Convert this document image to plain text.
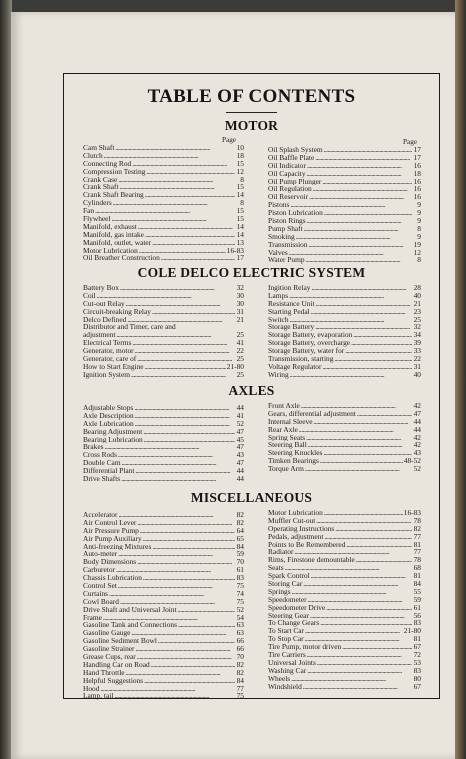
TABLE OF CONTENTS
MOTOR
Page	Page
Cam Shaft . . .	10
Clutch . . .	18
Connecting Rod . . .	15
Compression Testing . . .	12
Crank Case . . .	8
Crank Shaft . . .	15
Crank Shaft Bearing . . .	14
Cylinders . . .	8
Fan . . .	15
Flywheel . . .	15
Manifold, exhaust . . .	14
Manifold, gas intake . . .	14
Manifold, outlet, water . . .	13
Motor Lubrication . . .	16-83
Oil Breather Construction . . .	17
Oil Splash System . . .	17
Oil Baffle Plate . . .	17
Oil Indicator . . .	16
Oil Capacity . . .	18
Oil Pump Plunger . . .	16
Oil Regulation . . .	16
Oil Reservoir . . .	16
Pistons . . .	9
Piston Lubrication . . .	9
Piston Rings . . .	9
Pump Shaft . . .	8
Smoking . . .	9
Transmission . . .	19
Valves . . .	12
Water Pump . . .	8
COLE DELCO ELECTRIC SYSTEM
Battery Box . . .	32
Coil . . .	30
Cut-out Relay . . .	30
Circuit-breaking Relay . . .	31
Delco Defined . . .	21
Distributor and Timer, care and
adjustment . . .	25
Electrical Terms . . .	41
Generator, motor . . .	22
Generator, care of . . .	25
How to Start Engine . . .	21-80
Ignition System . . .	25
Ingition Relay . . .	28
Lamps . . .	40
Resistance Unit . . .	21
Starting Pedal . . .	23
Switch . . .	25
Storage Battery . . .	32
Storage Battery, evaporation . . .	34
Storage Battery, overcharge . . .	39
Storage Battery, water for . . .	33
Transmission, starting . . .	22
Voltage Regulator . . .	31
Wiring . . .	40
AXLES
Adjustable Stops . . .	44
Axle Description . . .	41
Axle Lubrication . . .	52
Bearing Adjustment . . .	47
Bearing Lubrication . . .	45
Brakes . . .	47
Cross Rods . . .	43
Double Cam . . .	47
Differential Plant . . .	44
Drive Shafts . . .	44
Front Axle . . .	42
Gears, differential adjustment . . .	47
Internal Sleeve . . .	44
Rear Axle . . .	44
Spring Seats . . .	42
Steering Ball . . .	42
Steering Knuckles . . .	43
Timken Bearings . . .	48-52
Torque Arm . . .	52
MISCELLANEOUS
Accelerator . . .	82
Air Control Lever . . .	82
Air Pressure Pump . . .	64
Air Pump Auxiliary . . .	65
Anti-freezing Mixtures . . .	84
Auto-meter . . .	59
Body Dimensions . . .	70
Carburetor . . .	61
Chassis Lubrication . . .	83
Control Set . . .	75
Curtains . . .	74
Cowl Board . . .	75
Drive Shaft and Universal Joint . . .	52
Frame . . .	54
Gasoline Tank and Connections . . .	63
Gasoline Gauge . . .	63
Gasoline Sediment Bowl . . .	66
Gasoline Strainer . . .	66
Grease Cups, rear . . .	70
Handling Car on Road . . .	82
Hand Throttle . . .	82
Helpful Suggestions . . .	84
Hood . . .	77
Lamp, tail . . .	75
Motor Lubrication . . .	16-83
Muffler Cut-out . . .	78
Operating Instructions . . .	82
Pedals, adjustment . . .	77
Points to Be Remembered . . .	81
Radiator . . .	77
Rims, Firestone demountable . . .	78
Seats . . .	68
Spark Control . . .	81
Storing Car . . .	84
Springs . . .	55
Speedometer . . .	59
Speedometer Drive . . .	61
Steering Gear . . .	56
To Change Gears . . .	83
To Start Car . . .	21-80
To Stop Car . . .	81
Tire Pump, motor driven . . .	67
Tire Carriers . . .	72
Universal Joints . . .	53
Washing Car . . .	83
Wheels . . .	80
Windshield . . .	67
